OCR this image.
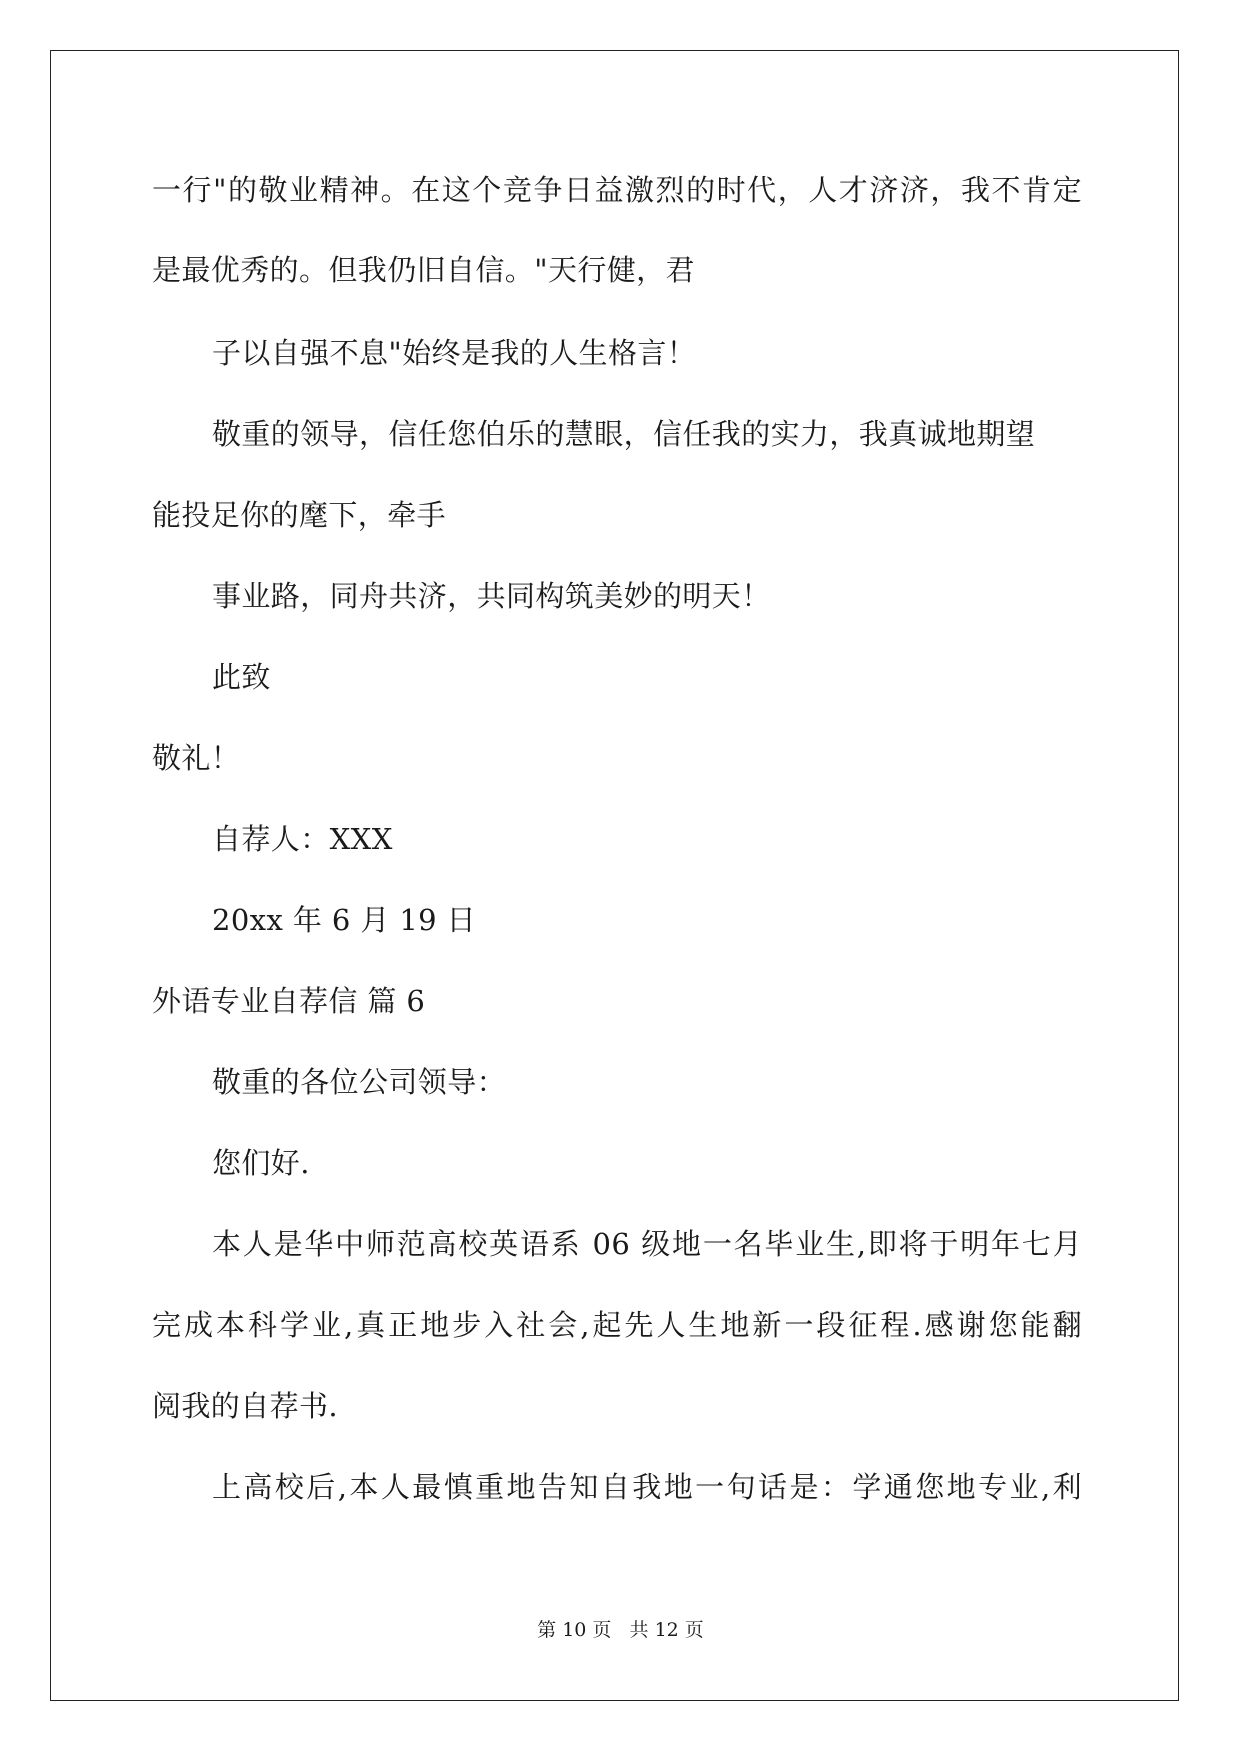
一行"的敬业精神。在这个竞争日益激烈的时代，人才济济，我不肯定
是最优秀的。但我仍旧自信。"天行健，君
子以自强不息"始终是我的人生格言！
敬重的领导，信任您伯乐的慧眼，信任我的实力，我真诚地期望
能投足你的麾下，牵手
事业路，同舟共济，共同构筑美妙的明天！
此致
敬礼！
自荐人：XXX
20xx 年 6 月 19 日
外语专业自荐信 篇 6
敬重的各位公司领导：
您们好.
本人是华中师范高校英语系 06 级地一名毕业生,即将于明年七月
完成本科学业,真正地步入社会,起先人生地新一段征程.感谢您能翻
阅我的自荐书.
上高校后,本人最慎重地告知自我地一句话是：学通您地专业,利
第 10 页   共 12 页
